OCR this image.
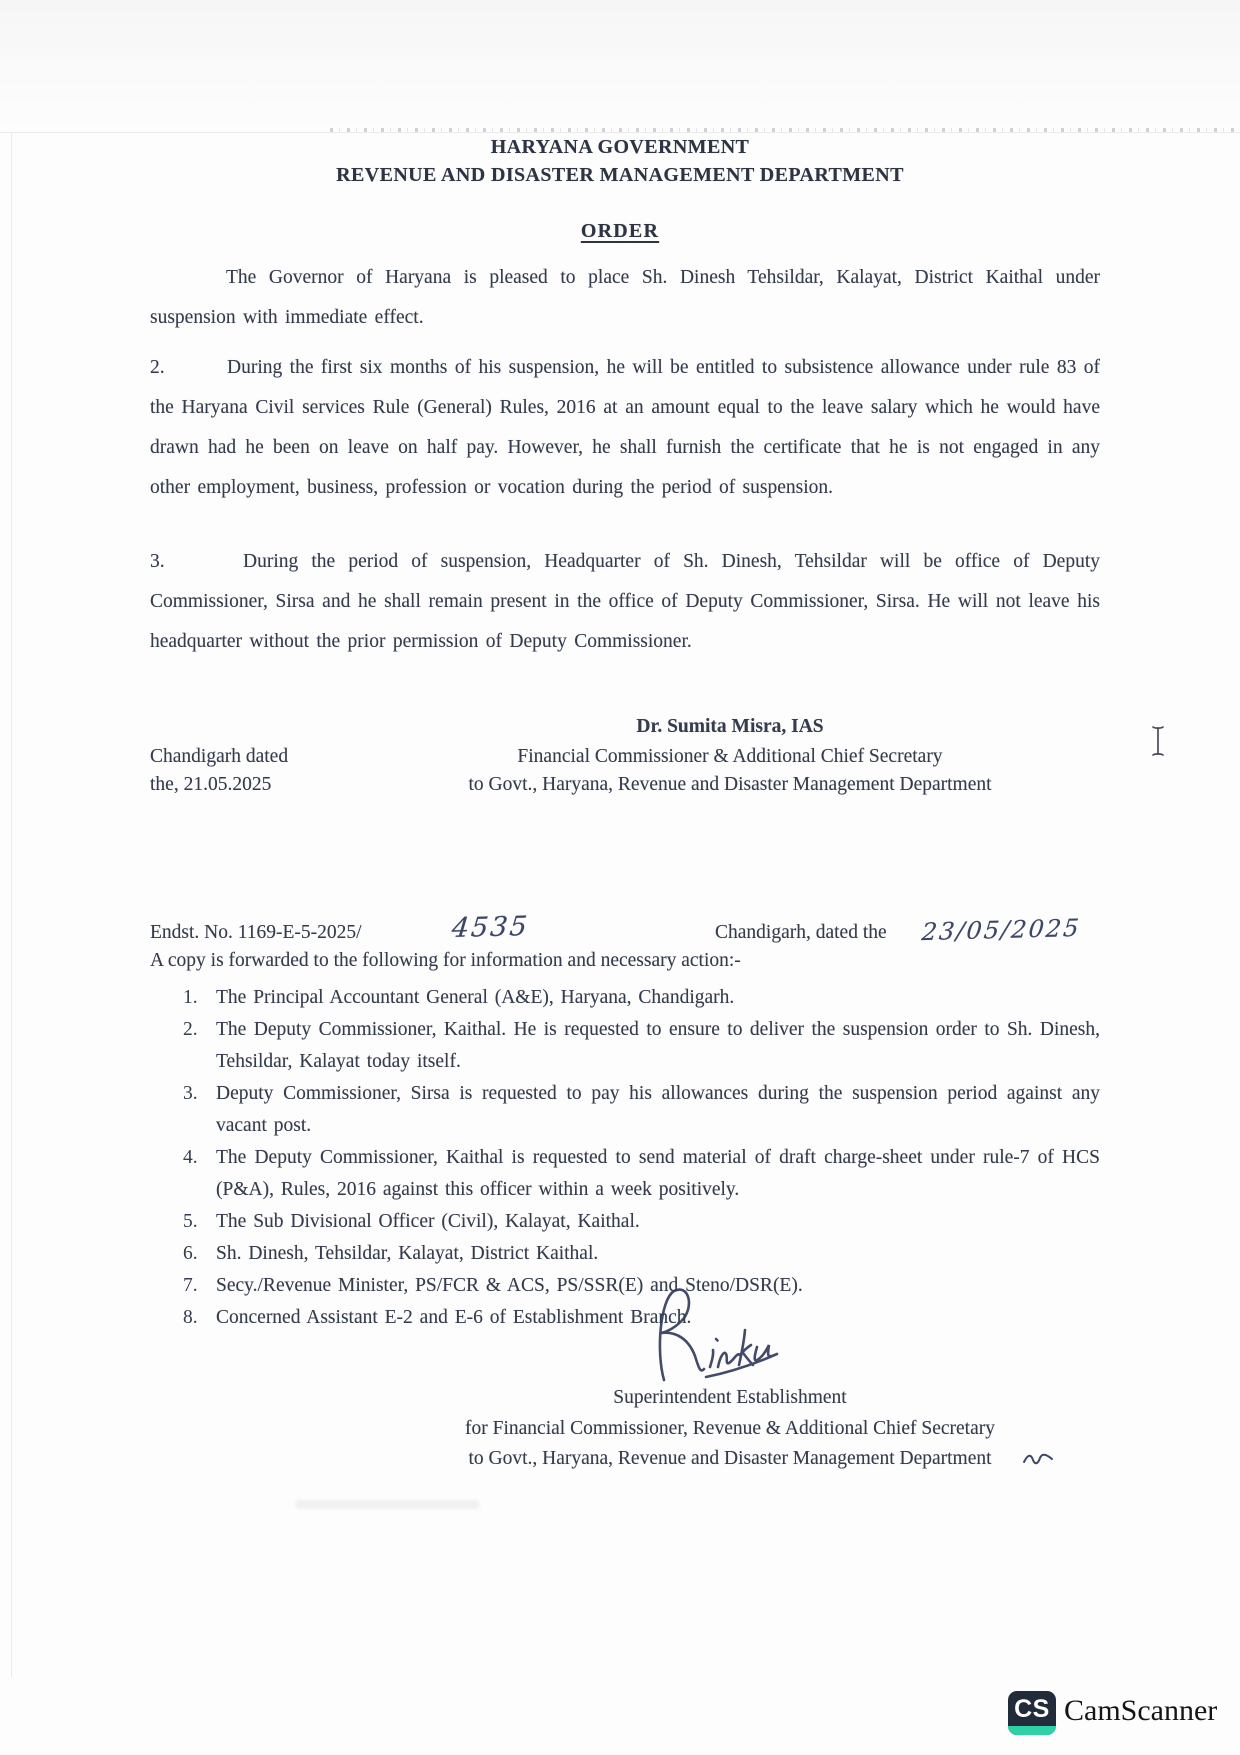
HARYANA GOVERNMENT
REVENUE AND DISASTER MANAGEMENT DEPARTMENT
ORDER

The Governor of Haryana is pleased to place Sh. Dinesh Tehsildar, Kalayat, District Kaithal under suspension with immediate effect.

2.	During the first six months of his suspension, he will be entitled to subsistence allowance under rule 83 of the Haryana Civil services Rule (General) Rules, 2016 at an amount equal to the leave salary which he would have drawn had he been on leave on half pay. However, he shall furnish the certificate that he is not engaged in any other employment, business, profession or vocation during the period of suspension.

3.	During the period of suspension, Headquarter of Sh. Dinesh, Tehsildar will be office of Deputy Commissioner, Sirsa and he shall remain present in the office of Deputy Commissioner, Sirsa. He will not leave his headquarter without the prior permission of Deputy Commissioner.

Dr. Sumita Misra, IAS
Financial Commissioner & Additional Chief Secretary
to Govt., Haryana, Revenue and Disaster Management Department
Chandigarh dated
the, 21.05.2025
Endst. No. 1169-E-5-2025/	4535	Chandigarh, dated the 23/05/2025
A copy is forwarded to the following for information and necessary action:-
1. The Principal Accountant General (A&E), Haryana, Chandigarh.
2. The Deputy Commissioner, Kaithal. He is requested to ensure to deliver the suspension order to Sh. Dinesh, Tehsildar, Kalayat today itself.
3. Deputy Commissioner, Sirsa is requested to pay his allowances during the suspension period against any vacant post.
4. The Deputy Commissioner, Kaithal is requested to send material of draft charge-sheet under rule-7 of HCS (P&A), Rules, 2016 against this officer within a week positively.
5. The Sub Divisional Officer (Civil), Kalayat, Kaithal.
6. Sh. Dinesh, Tehsildar, Kalayat, District Kaithal.
7. Secy./Revenue Minister, PS/FCR & ACS, PS/SSR(E) and Steno/DSR(E).
8. Concerned Assistant E-2 and E-6 of Establishment Branch.
Superintendent Establishment
for Financial Commissioner, Revenue & Additional Chief Secretary
to Govt., Haryana, Revenue and Disaster Management Department
CS CamScanner
